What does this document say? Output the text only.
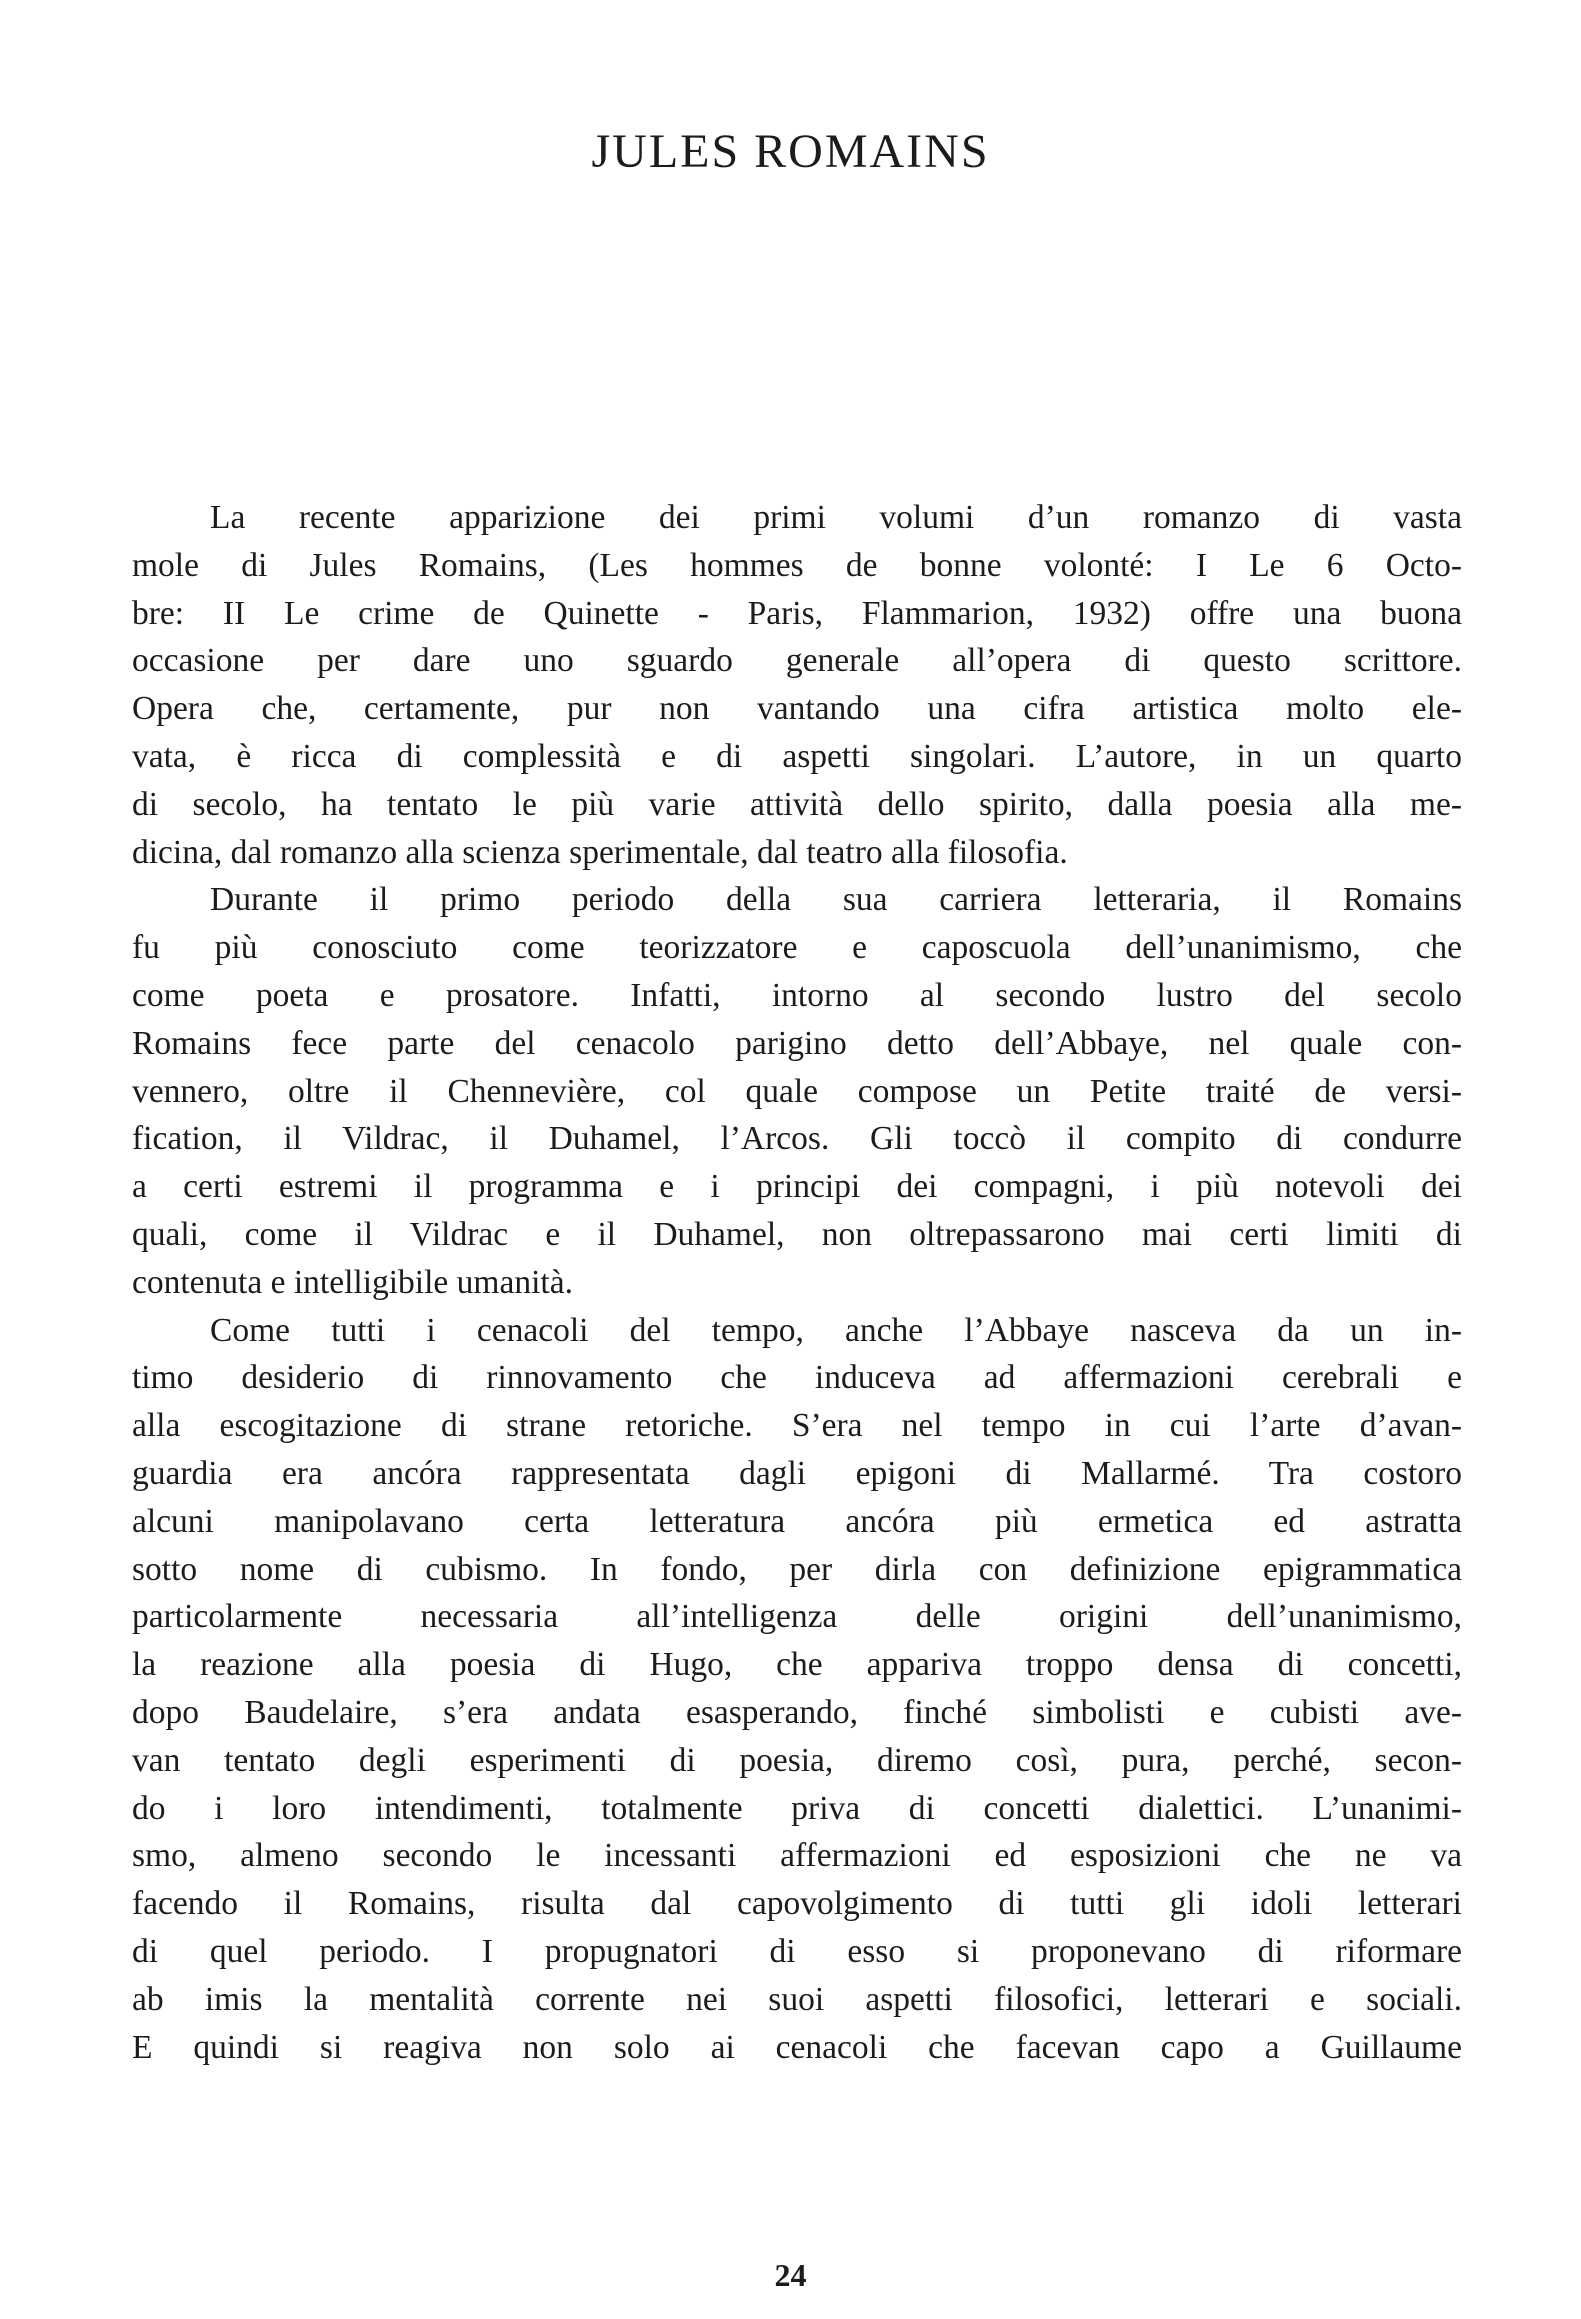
JULES ROMAINS
La recente apparizione dei primi volumi d’un romanzo di vasta
mole di Jules Romains, (Les hommes de bonne volonté: I Le 6 Octo-
bre: II Le crime de Quinette - Paris, Flammarion, 1932) offre una buona
occasione per dare uno sguardo generale all’opera di questo scrittore.
Opera che, certamente, pur non vantando una cifra artistica molto ele-
vata, è ricca di complessità e di aspetti singolari. L’autore, in un quarto
di secolo, ha tentato le più varie attività dello spirito, dalla poesia alla me-
dicina, dal romanzo alla scienza sperimentale, dal teatro alla filosofia.
Durante il primo periodo della sua carriera letteraria, il Romains
fu più conosciuto come teorizzatore e caposcuola dell’unanimismo, che
come poeta e prosatore. Infatti, intorno al secondo lustro del secolo
Romains fece parte del cenacolo parigino detto dell’Abbaye, nel quale con-
vennero, oltre il Chennevière, col quale compose un Petite traité de versi-
fication, il Vildrac, il Duhamel, l’Arcos. Gli toccò il compito di condurre
a certi estremi il programma e i principi dei compagni, i più notevoli dei
quali, come il Vildrac e il Duhamel, non oltrepassarono mai certi limiti di
contenuta e intelligibile umanità.
Come tutti i cenacoli del tempo, anche l’Abbaye nasceva da un in-
timo desiderio di rinnovamento che induceva ad affermazioni cerebrali e
alla escogitazione di strane retoriche. S’era nel tempo in cui l’arte d’avan-
guardia era ancóra rappresentata dagli epigoni di Mallarmé. Tra costoro
alcuni manipolavano certa letteratura ancóra più ermetica ed astratta
sotto nome di cubismo. In fondo, per dirla con definizione epigrammatica
particolarmente necessaria all’intelligenza delle origini dell’unanimismo,
la reazione alla poesia di Hugo, che appariva troppo densa di concetti,
dopo Baudelaire, s’era andata esasperando, finché simbolisti e cubisti ave-
van tentato degli esperimenti di poesia, diremo così, pura, perché, secon-
do i loro intendimenti, totalmente priva di concetti dialettici. L’unanimi-
smo, almeno secondo le incessanti affermazioni ed esposizioni che ne va
facendo il Romains, risulta dal capovolgimento di tutti gli idoli letterari
di quel periodo. I propugnatori di esso si proponevano di riformare
ab imis la mentalità corrente nei suoi aspetti filosofici, letterari e sociali.
E quindi si reagiva non solo ai cenacoli che facevan capo a Guillaume
24
